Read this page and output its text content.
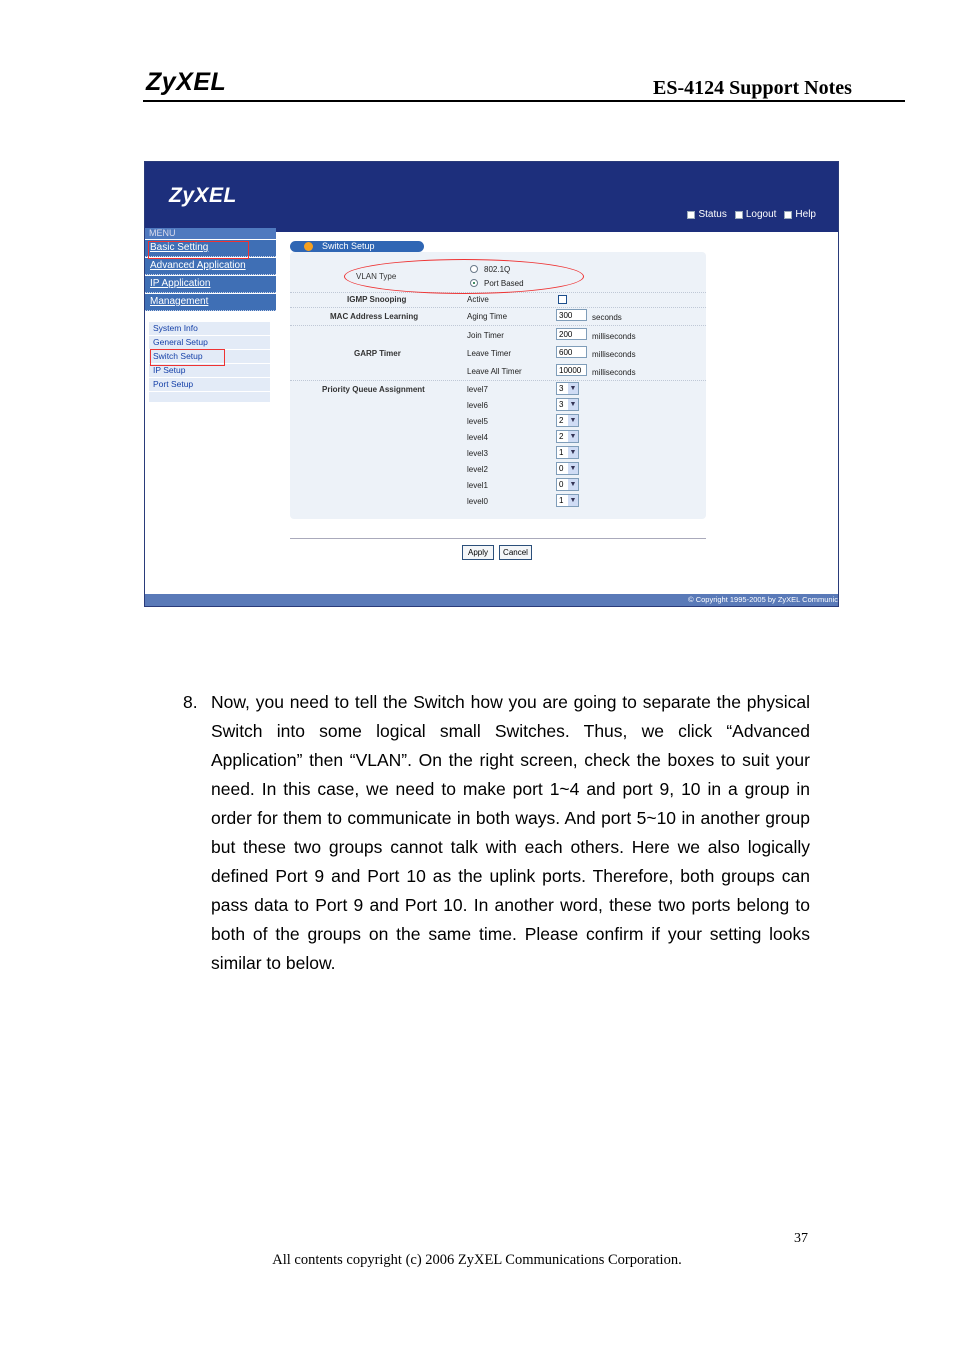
ZyXEL	ES-4124 Support Notes
ZyXEL
Status Logout Help
MENU
Basic Setting
Advanced Application
IP Application
Management
System Info
General Setup
Switch Setup
IP Setup
Port Setup
Switch Setup
VLAN Type
802.1Q
Port Based
IGMP Snooping	Active
MAC Address Learning	Aging Time	300	seconds
GARP Timer
Join Timer	200	milliseconds
Leave Timer	600	milliseconds
Leave All Timer	10000	milliseconds
Priority Queue Assignment	level7	3 ▼
level6	3 ▼
level5	2 ▼
level4	2 ▼
level3	1 ▼
level2	0 ▼
level1	0 ▼
level0	1 ▼
Apply	Cancel
© Copyright 1995-2005 by ZyXEL Communic
8. Now, you need to tell the Switch how you are going to separate the physical Switch into some logical small Switches. Thus, we click “Advanced Application” then “VLAN”. On the right screen, check the boxes to suit your need. In this case, we need to make port 1~4 and port 9, 10 in a group in order for them to communicate in both ways. And port 5~10 in another group but these two groups cannot talk with each others. Here we also logically defined Port 9 and Port 10 as the uplink ports. Therefore, both groups can pass data to Port 9 and Port 10. In another word, these two ports belong to both of the groups on the same time. Please confirm if your setting looks similar to below.
37
All contents copyright (c) 2006 ZyXEL Communications Corporation.
